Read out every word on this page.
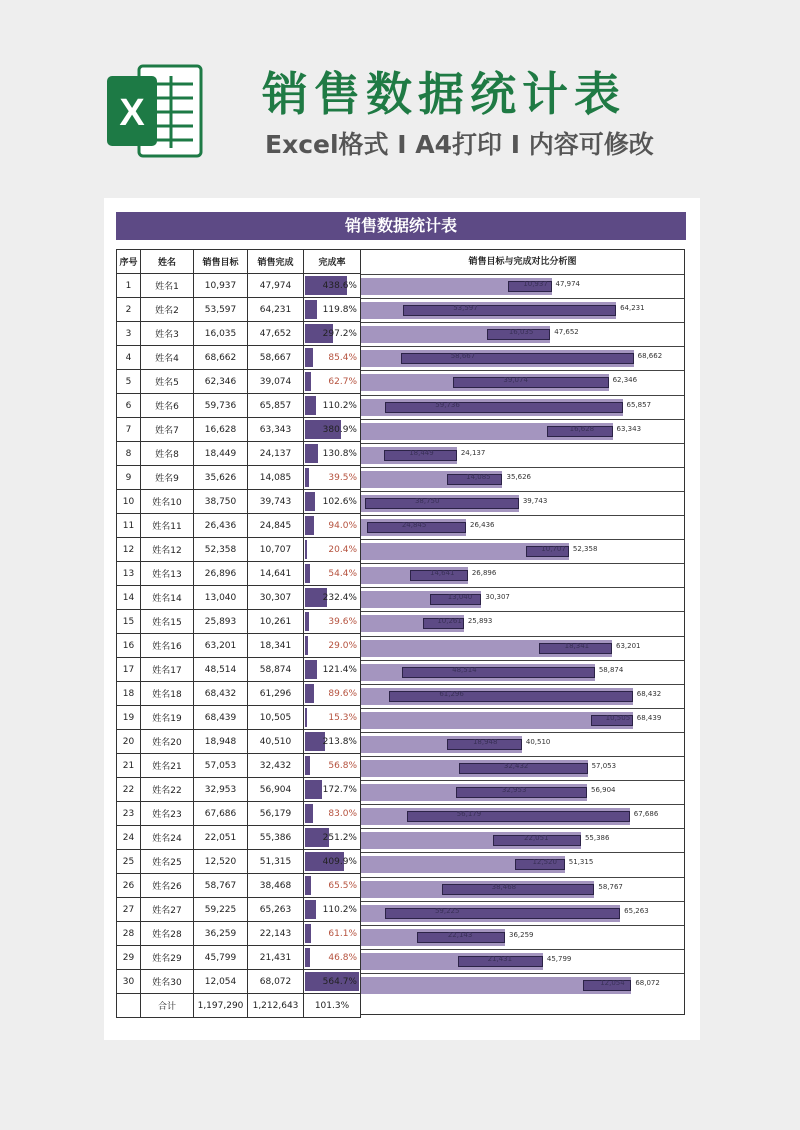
X	销售数据统计表
Excel格式 I A4打印 I 内容可修改
销售数据统计表
序号	姓名	销售目标	销售完成	完成率
1	姓名1	10,937	47,974	438.6%
2	姓名2	53,597	64,231	119.8%
3	姓名3	16,035	47,652	297.2%
4	姓名4	68,662	58,667	85.4%
5	姓名5	62,346	39,074	62.7%
6	姓名6	59,736	65,857	110.2%
7	姓名7	16,628	63,343	380.9%
8	姓名8	18,449	24,137	130.8%
9	姓名9	35,626	14,085	39.5%
10	姓名10	38,750	39,743	102.6%
11	姓名11	26,436	24,845	94.0%
12	姓名12	52,358	10,707	20.4%
13	姓名13	26,896	14,641	54.4%
14	姓名14	13,040	30,307	232.4%
15	姓名15	25,893	10,261	39.6%
16	姓名16	63,201	18,341	29.0%
17	姓名17	48,514	58,874	121.4%
18	姓名18	68,432	61,296	89.6%
19	姓名19	68,439	10,505	15.3%
20	姓名20	18,948	40,510	213.8%
21	姓名21	57,053	32,432	56.8%
22	姓名22	32,953	56,904	172.7%
23	姓名23	67,686	56,179	83.0%
24	姓名24	22,051	55,386	251.2%
25	姓名25	12,520	51,315	409.9%
26	姓名26	58,767	38,468	65.5%
27	姓名27	59,225	65,263	110.2%
28	姓名28	36,259	22,143	61.1%
29	姓名29	45,799	21,431	46.8%
30	姓名30	12,054	68,072	564.7%
	合计	1,197,290	1,212,643	101.3%
销售目标与完成对比分析图
10,937 47,974
53,597	64,231
16,035	47,652
58,667	68,662
39,074	62,346
59,736	65,857
16,628	63,343
18,449	24,137
14,085 35,626
38,750	39,743
24,845	26,436
10,707 52,358
14,641 26,896
13,040 30,307
10,261 25,893
18,341	63,201
48,514	58,874
61,296	68,432
10,505 68,439
18,948	40,510
32,432	57,053
32,953	56,904
56,179	67,686
22,051	55,386
12,520 51,315
38,468	58,767
59,225	65,263
22,143	36,259
21,431	45,799
12,054 68,072
